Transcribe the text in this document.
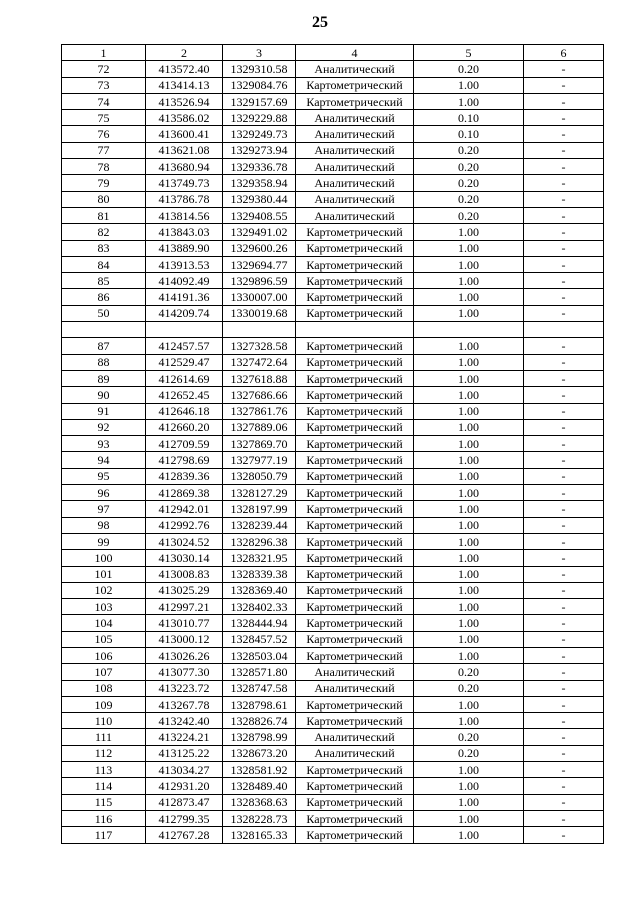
25
1	2	3	4	5	6
72	413572.40	1329310.58	Аналитический	0.20	-
73	413414.13	1329084.76	Картометрический	1.00	-
74	413526.94	1329157.69	Картометрический	1.00	-
75	413586.02	1329229.88	Аналитический	0.10	-
76	413600.41	1329249.73	Аналитический	0.10	-
77	413621.08	1329273.94	Аналитический	0.20	-
78	413680.94	1329336.78	Аналитический	0.20	-
79	413749.73	1329358.94	Аналитический	0.20	-
80	413786.78	1329380.44	Аналитический	0.20	-
81	413814.56	1329408.55	Аналитический	0.20	-
82	413843.03	1329491.02	Картометрический	1.00	-
83	413889.90	1329600.26	Картометрический	1.00	-
84	413913.53	1329694.77	Картометрический	1.00	-
85	414092.49	1329896.59	Картометрический	1.00	-
86	414191.36	1330007.00	Картометрический	1.00	-
50	414209.74	1330019.68	Картометрический	1.00	-

87	412457.57	1327328.58	Картометрический	1.00	-
88	412529.47	1327472.64	Картометрический	1.00	-
89	412614.69	1327618.88	Картометрический	1.00	-
90	412652.45	1327686.66	Картометрический	1.00	-
91	412646.18	1327861.76	Картометрический	1.00	-
92	412660.20	1327889.06	Картометрический	1.00	-
93	412709.59	1327869.70	Картометрический	1.00	-
94	412798.69	1327977.19	Картометрический	1.00	-
95	412839.36	1328050.79	Картометрический	1.00	-
96	412869.38	1328127.29	Картометрический	1.00	-
97	412942.01	1328197.99	Картометрический	1.00	-
98	412992.76	1328239.44	Картометрический	1.00	-
99	413024.52	1328296.38	Картометрический	1.00	-
100	413030.14	1328321.95	Картометрический	1.00	-
101	413008.83	1328339.38	Картометрический	1.00	-
102	413025.29	1328369.40	Картометрический	1.00	-
103	412997.21	1328402.33	Картометрический	1.00	-
104	413010.77	1328444.94	Картометрический	1.00	-
105	413000.12	1328457.52	Картометрический	1.00	-
106	413026.26	1328503.04	Картометрический	1.00	-
107	413077.30	1328571.80	Аналитический	0.20	-
108	413223.72	1328747.58	Аналитический	0.20	-
109	413267.78	1328798.61	Картометрический	1.00	-
110	413242.40	1328826.74	Картометрический	1.00	-
111	413224.21	1328798.99	Аналитический	0.20	-
112	413125.22	1328673.20	Аналитический	0.20	-
113	413034.27	1328581.92	Картометрический	1.00	-
114	412931.20	1328489.40	Картометрический	1.00	-
115	412873.47	1328368.63	Картометрический	1.00	-
116	412799.35	1328228.73	Картометрический	1.00	-
117	412767.28	1328165.33	Картометрический	1.00	-
